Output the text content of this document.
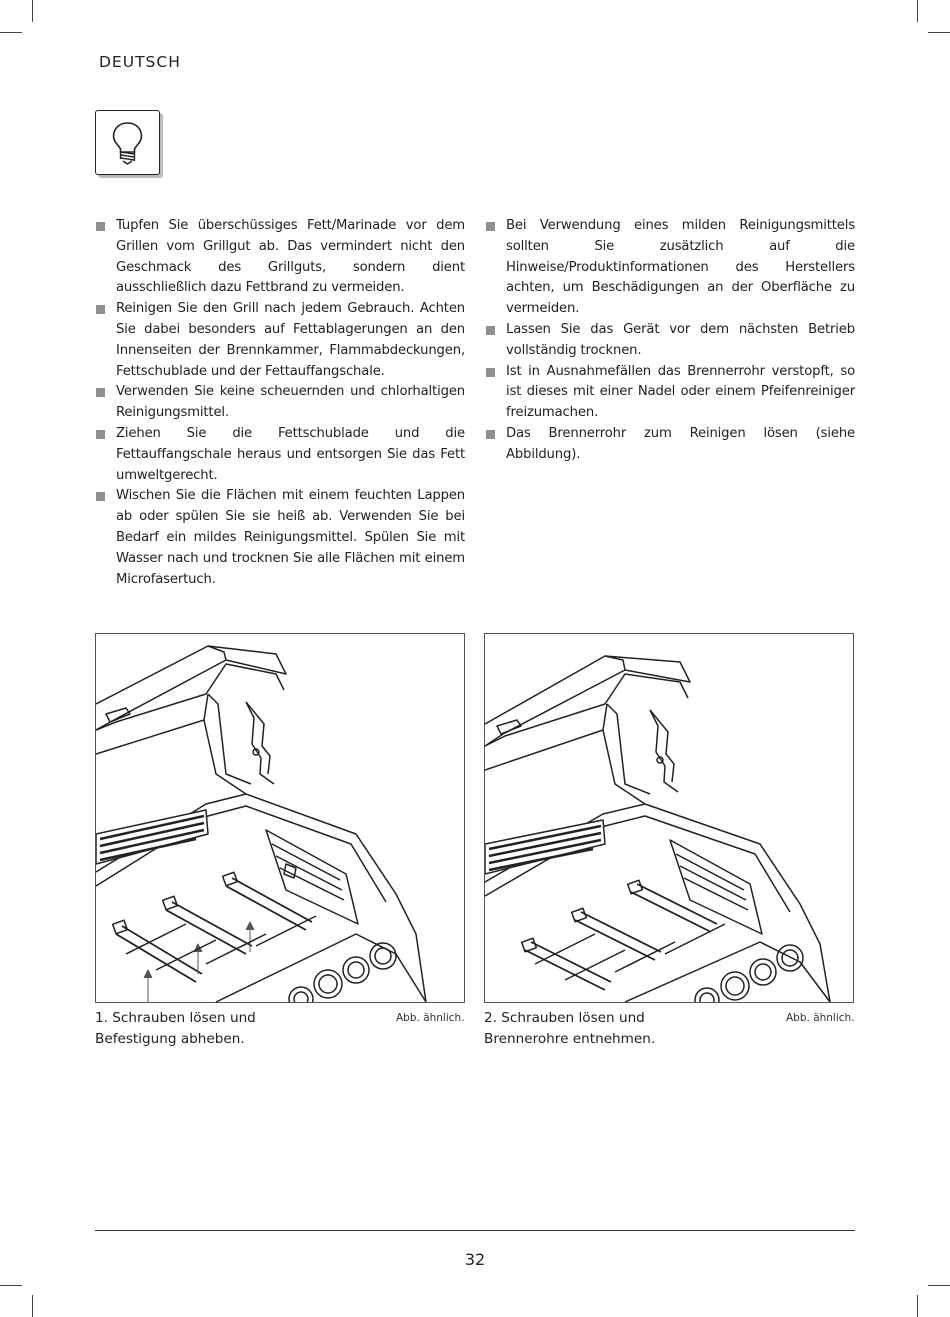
DEUTSCH
Tupfen Sie überschüssiges Fett/Marinade vor dem Grillen vom Grillgut ab. Das vermindert nicht den Geschmack des Grillguts, sondern dient ausschließlich dazu Fettbrand zu vermeiden.
Reinigen Sie den Grill nach jedem Gebrauch. Achten Sie dabei besonders auf Fettablagerungen an den Innenseiten der Brennkammer, Flammabdeckungen, Fettschublade und der Fettauffangschale.
Verwenden Sie keine scheuernden und chlorhaltigen Reinigungsmittel.
Ziehen Sie die Fettschublade und die Fettauffangschale heraus und entsorgen Sie das Fett umweltgerecht.
Wischen Sie die Flächen mit einem feuchten Lappen ab oder spülen Sie sie heiß ab. Verwenden Sie bei Bedarf ein mildes Reinigungsmittel. Spülen Sie mit Wasser nach und trocknen Sie alle Flächen mit einem Microfasertuch.
Bei Verwendung eines milden Reinigungsmittels sollten Sie zusätzlich auf die Hinweise/Produktinformationen des Herstellers achten, um Beschädigungen an der Oberfläche zu vermeiden.
Lassen Sie das Gerät vor dem nächsten Betrieb vollständig trocknen.
Ist in Ausnahmefällen das Brennerrohr verstopft, so ist dieses mit einer Nadel oder einem Pfeifenreiniger freizumachen.
Das Brennerrohr zum Reinigen lösen (siehe Abbildung).
1. Schrauben lösen und Befestigung abheben.
Abb. ähnlich. 2. Schrauben lösen und Brennerohre entnehmen.
Abb. ähnlich.
32
